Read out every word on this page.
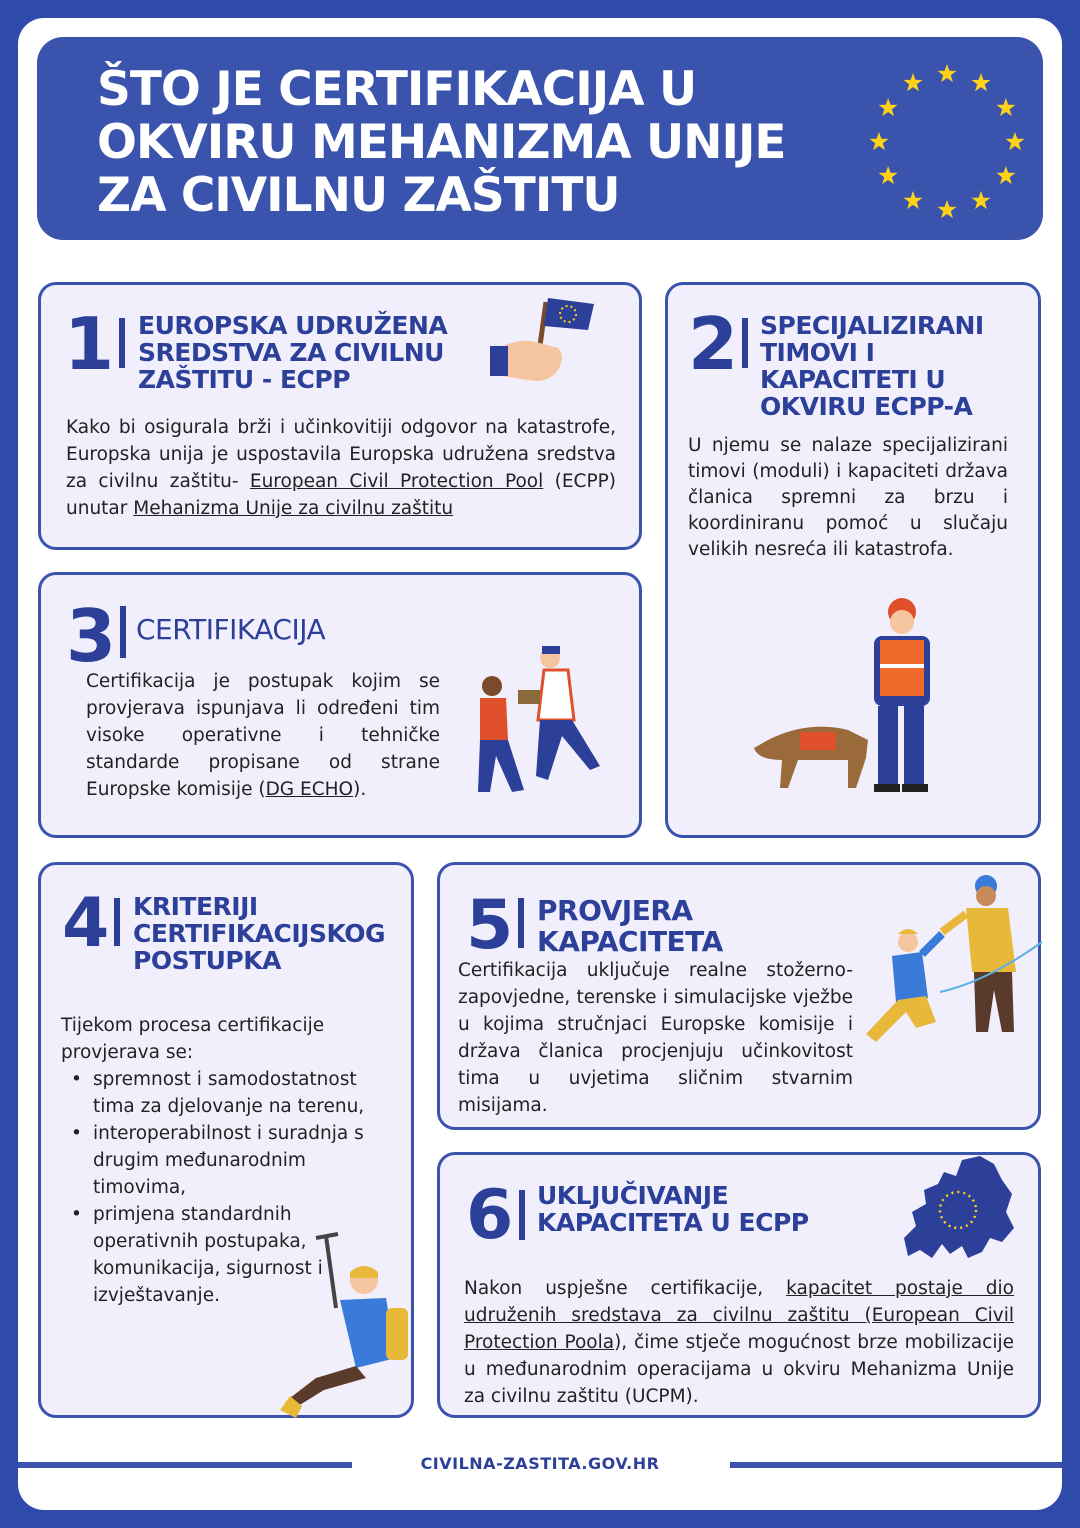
ŠTO JE CERTIFIKACIJA U
OKVIRU MEHANIZMA UNIJE
ZA CIVILNU ZAŠTITU
1 EUROPSKA UDRUŽENA
SREDSTVA ZA CIVILNU
ZAŠTITU - ECPP
Kako bi osigurala brži i učinkovitiji odgovor na katastrofe, Europska unija je uspostavila Europska udružena sredstva za civilnu zaštitu- European Civil Protection Pool (ECPP) unutar Mehanizma Unije za civilnu zaštitu
2 SPECIJALIZIRANI
TIMOVI I
KAPACITETI U
OKVIRU ECPP-A
U njemu se nalaze specijalizirani timovi (moduli) i kapaciteti država članica spremni za brzu i koordiniranu pomoć u slučaju velikih nesreća ili katastrofa.
3 CERTIFIKACIJA
Certifikacija je postupak kojim se provjerava ispunjava li određeni tim visoke operativne i tehničke standarde propisane od strane Europske komisije (DG ECHO).
4 KRITERIJI
CERTIFIKACIJSKOG
POSTUPKA
Tijekom procesa certifikacije provjerava se:
• spremnost i samodostatnost tima za djelovanje na terenu,
• interoperabilnost i suradnja s drugim međunarodnim timovima,
• primjena standardnih operativnih postupaka, komunikacija, sigurnost i izvještavanje.
5 PROVJERA
KAPACITETA
Certifikacija uključuje realne stožerno-zapovjedne, terenske i simulacijske vježbe u kojima stručnjaci Europske komisije i država članica procjenjuju učinkovitost tima u uvjetima sličnim stvarnim misijama.
6 UKLJUČIVANJE
KAPACITETA U ECPP
Nakon uspješne certifikacije, kapacitet postaje dio udruženih sredstava za civilnu zaštitu (European Civil Protection Poola), čime stječe mogućnost brze mobilizacije u međunarodnim operacijama u okviru Mehanizma Unije za civilnu zaštitu (UCPM).
CIVILNA-ZASTITA.GOV.HR
